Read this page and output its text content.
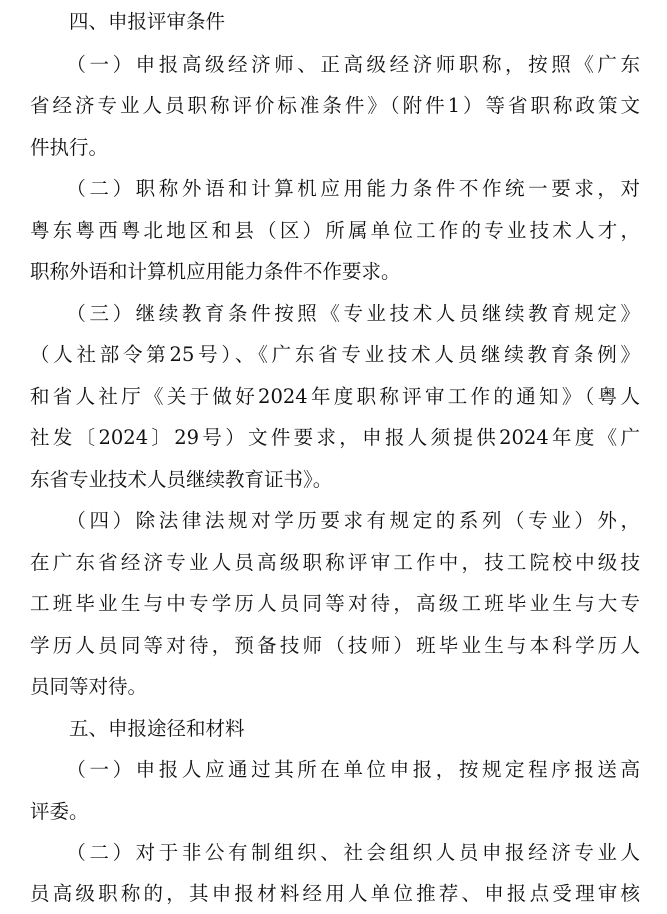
　　四、申报评审条件

　　（一）申报高级经济师、正高级经济师职称，按照《广东

省经济专业人员职称评价标准条件》（附件1）等省职称政策文

件执行。

　　（二）职称外语和计算机应用能力条件不作统一要求，对

粤东粤西粤北地区和县（区）所属单位工作的专业技术人才，

职称外语和计算机应用能力条件不作要求。

　　（三）继续教育条件按照《专业技术人员继续教育规定》

（人社部令第25号）、《广东省专业技术人员继续教育条例》

和省人社厅《关于做好2024年度职称评审工作的通知》（粤人

社发〔2024〕29号）文件要求，申报人须提供2024年度《广

东省专业技术人员继续教育证书》。

　　（四）除法律法规对学历要求有规定的系列（专业）外，

在广东省经济专业人员高级职称评审工作中，技工院校中级技

工班毕业生与中专学历人员同等对待，高级工班毕业生与大专

学历人员同等对待，预备技师（技师）班毕业生与本科学历人

员同等对待。

　　五、申报途径和材料

　　（一）申报人应通过其所在单位申报，按规定程序报送高

评委。

　　（二）对于非公有制组织、社会组织人员申报经济专业人

员高级职称的，其申报材料经用人单位推荐、申报点受理审核
